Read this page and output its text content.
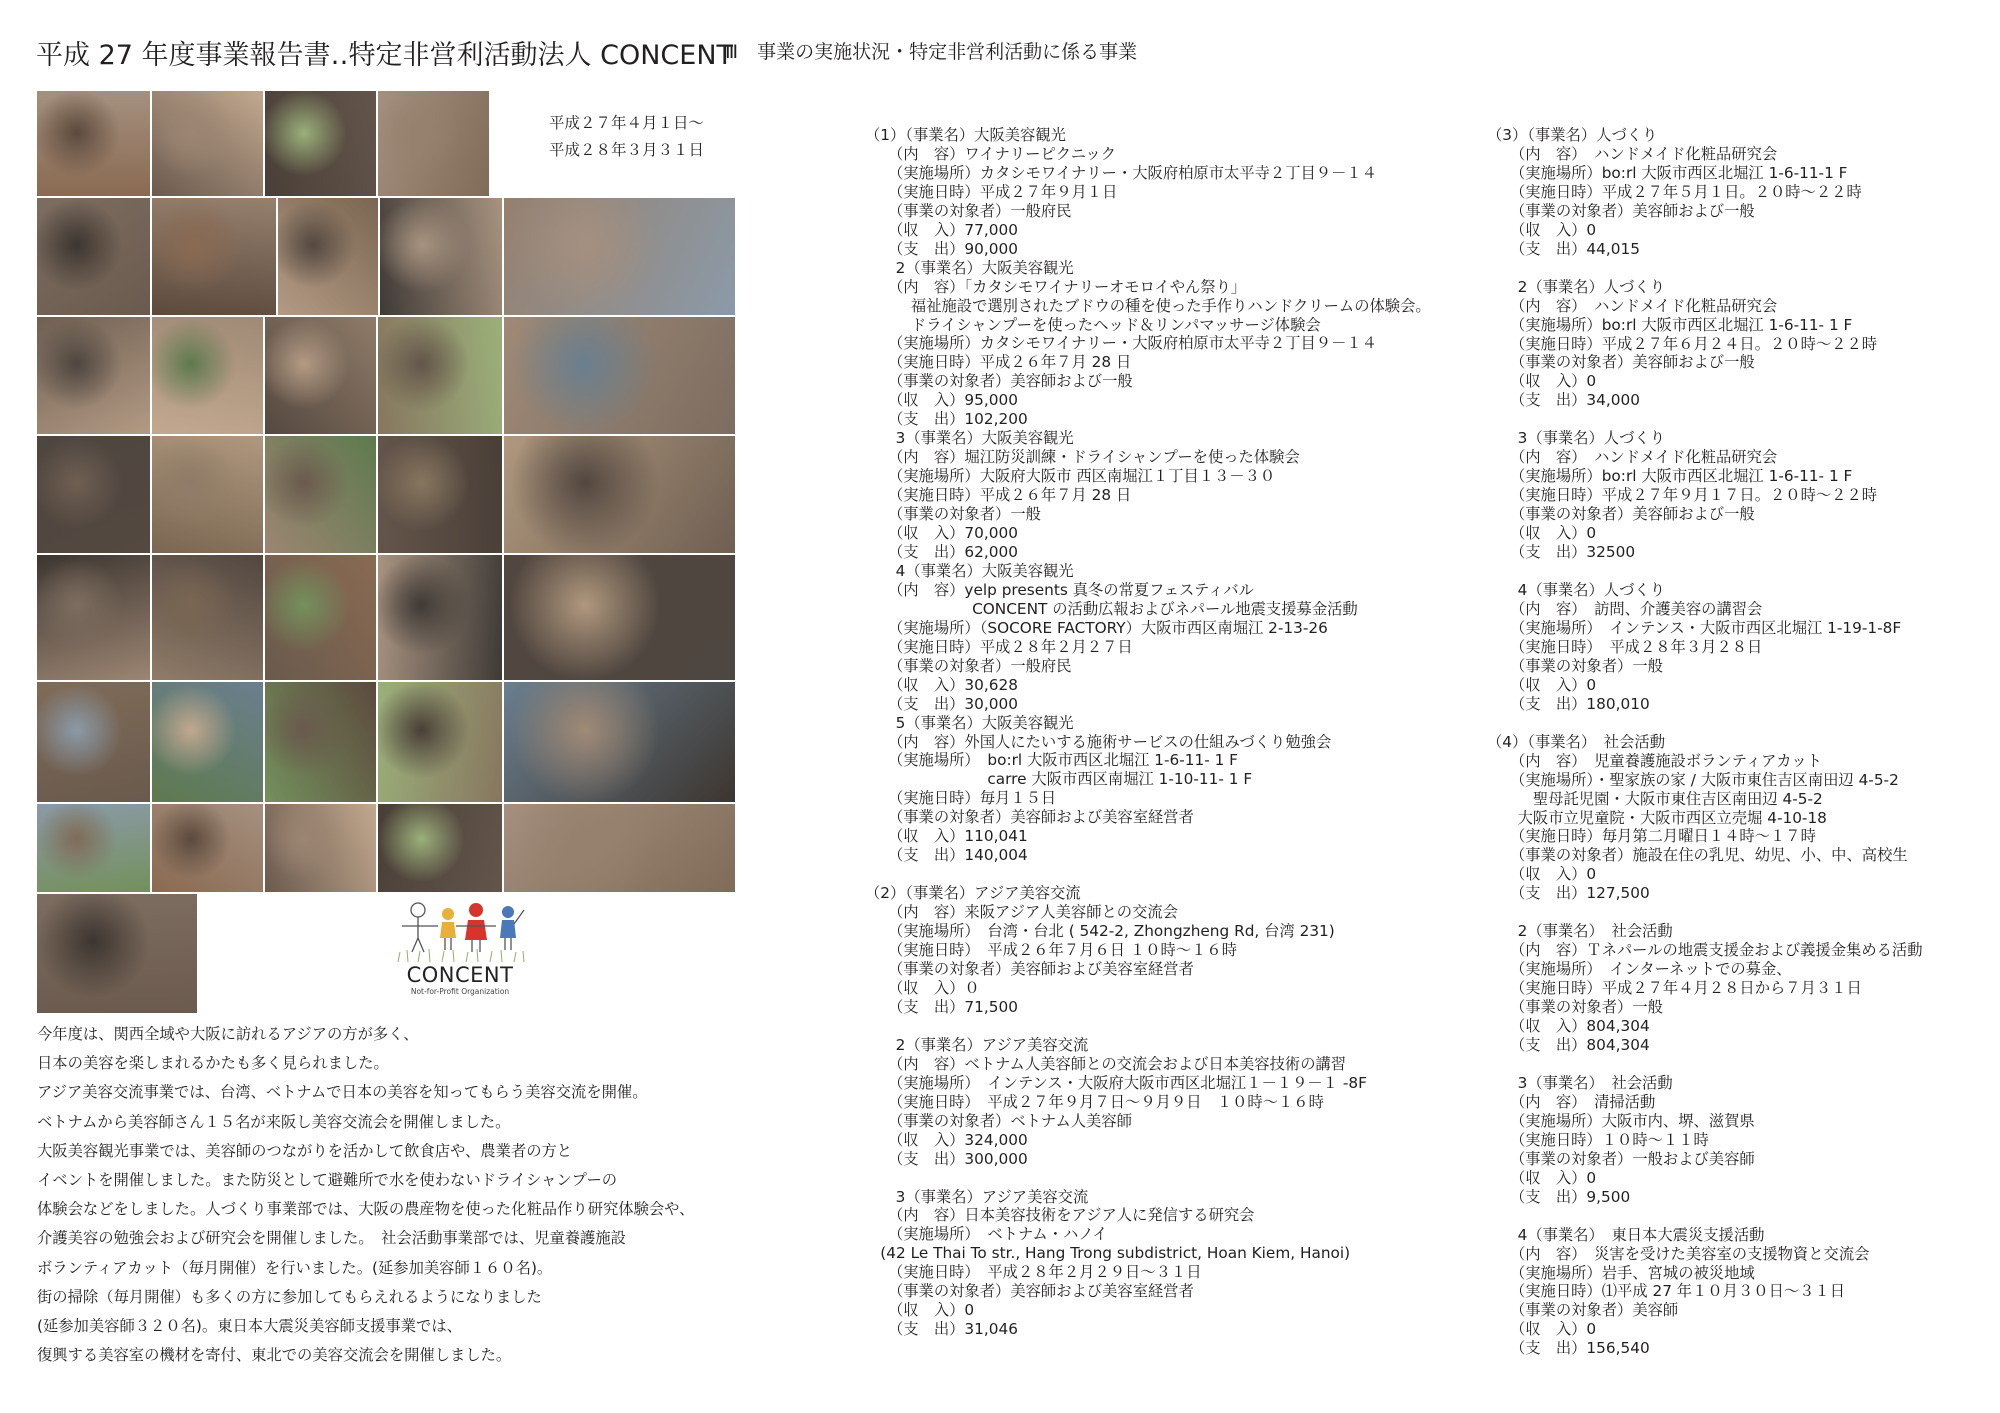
平成 27 年度事業報告書‥特定非営利活動法人 CONCENT
Ⅲ　事業の実施状況・特定非営利活動に係る事業
平成２７年４月１日〜
平成２８年３月３１日
CONCENT
Not-for-Profit Organization
今年度は、関西全域や大阪に訪れるアジアの方が多く、
日本の美容を楽しまれるかたも多く見られました。
アジア美容交流事業では、台湾、ベトナムで日本の美容を知ってもらう美容交流を開催。
ベトナムから美容師さん１５名が来阪し美容交流会を開催しました。
大阪美容観光事業では、美容師のつながりを活かして飲食店や、農業者の方と
イベントを開催しました。また防災として避難所で水を使わないドライシャンプーの
体験会などをしました。人づくり事業部では、大阪の農産物を使った化粧品作り研究体験会や、
介護美容の勉強会および研究会を開催しました。　社会活動事業部では、児童養護施設
ボランティアカット（毎月開催）を行いました。(延参加美容師１６０名)。
街の掃除（毎月開催）も多くの方に参加してもらえれるようになりました
(延参加美容師３２０名)。東日本大震災美容師支援事業では、
復興する美容室の機材を寄付、東北での美容交流会を開催しました。
（1）（事業名）大阪美容観光
　　（内　容）ワイナリーピクニック
　　（実施場所）カタシモワイナリー・大阪府柏原市太平寺２丁目９－１４
　　（実施日時）平成２７年９月１日
　　（事業の対象者）一般府民
　　（収　入）77,000
　　（支　出）90,000
　　2（事業名）大阪美容観光
　　（内　容）「カタシモワイナリーオモロイやん祭り」
　　　福祉施設で選別されたブドウの種を使った手作りハンドクリームの体験会。
　　　ドライシャンプーを使ったヘッド＆リンパマッサージ体験会
　　（実施場所）カタシモワイナリー・大阪府柏原市太平寺２丁目９－１４
　　（実施日時）平成２６年７月 28 日
　　（事業の対象者）美容師および一般
　　（収　入）95,000
　　（支　出）102,200
　　3（事業名）大阪美容観光
　　（内　容）堀江防災訓練・ドライシャンプーを使った体験会
　　（実施場所）大阪府大阪市 西区南堀江１丁目１３－３０
　　（実施日時）平成２６年７月 28 日
　　（事業の対象者）一般
　　（収　入）70,000
　　（支　出）62,000
　　4（事業名）大阪美容観光
　　（内　容）yelp presents 真冬の常夏フェスティバル
　　　　　　　CONCENT の活動広報およびネパール地震支援募金活動
　　（実施場所）（SOCORE FACTORY）大阪市西区南堀江 2-13-26
　　（実施日時）平成２８年２月２７日
　　（事業の対象者）一般府民
　　（収　入）30,628
　　（支　出）30,000
　　5（事業名）大阪美容観光
　　（内　容）外国人にたいする施術サービスの仕組みづくり勉強会
　　（実施場所）　bo:rl 大阪市西区北堀江 1-6-11- 1 F
　　　　　　　　carre 大阪市西区南堀江 1-10-11- 1 F
　　（実施日時）毎月１５日
　　（事業の対象者）美容師および美容室経営者
　　（収　入）110,041
　　（支　出）140,004
（2）（事業名）アジア美容交流
　　（内　容）来阪アジア人美容師との交流会
　　（実施場所）　台湾・台北 ( 542-2, Zhongzheng Rd, 台湾 231)
　　（実施日時）　平成２６年７月６日 １０時〜１６時
　　（事業の対象者）美容師および美容室経営者
　　（収　入）０
　　（支　出）71,500
　　2（事業名）アジア美容交流
　　（内　容）ベトナム人美容師との交流会および日本美容技術の講習
　　（実施場所）　インテンス・大阪府大阪市西区北堀江１－１９－１ -8F
　　（実施日時）　平成２７年９月７日〜９月９日　１０時〜１６時
　　（事業の対象者）ベトナム人美容師
　　（収　入）324,000
　　（支　出）300,000
　　3（事業名）アジア美容交流
　　（内　容）日本美容技術をアジア人に発信する研究会
　　（実施場所）　ベトナム・ハノイ
　(42 Le Thai To str., Hang Trong subdistrict, Hoan Kiem, Hanoi)
　　（実施日時）　平成２８年２月２９日〜３１日
　　（事業の対象者）美容師および美容室経営者
　　（収　入）0
　　（支　出）31,046
（3）（事業名）人づくり
　　（内　容）　ハンドメイド化粧品研究会
　　（実施場所）bo:rl 大阪市西区北堀江 1-6-11-1 F
　　（実施日時）平成２７年５月１日。２０時〜２２時
　　（事業の対象者）美容師および一般
　　（収　入）0
　　（支　出）44,015
　　2（事業名）人づくり
　　（内　容）　ハンドメイド化粧品研究会
　　（実施場所）bo:rl 大阪市西区北堀江 1-6-11- 1 F
　　（実施日時）平成２７年６月２４日。２０時〜２２時
　　（事業の対象者）美容師および一般
　　（収　入）0
　　（支　出）34,000
　　3（事業名）人づくり
　　（内　容）　ハンドメイド化粧品研究会
　　（実施場所）bo:rl 大阪市西区北堀江 1-6-11- 1 F
　　（実施日時）平成２７年９月１７日。２０時〜２２時
　　（事業の対象者）美容師および一般
　　（収　入）0
　　（支　出）32500
　　4（事業名）人づくり
　　（内　容）　訪問、介護美容の講習会
　　（実施場所）　インテンス・大阪市西区北堀江 1-19-1-8F
　　（実施日時）　平成２８年３月２８日
　　（事業の対象者）一般
　　（収　入）0
　　（支　出）180,010
（4）（事業名）　社会活動
　　（内　容）　児童養護施設ボランティアカット
　　（実施場所）・聖家族の家 / 大阪市東住吉区南田辺 4-5-2
　　　聖母託児園・大阪市東住吉区南田辺 4-5-2
　　大阪市立児童院・大阪市西区立売堀 4-10-18
　　（実施日時）毎月第二月曜日１４時〜１７時
　　（事業の対象者）施設在住の乳児、幼児、小、中、高校生
　　（収　入）0
　　（支　出）127,500
　　2（事業名）　社会活動
　　（内　容）Ｔネパールの地震支援金および義援金集める活動
　　（実施場所）　インターネットでの募金、
　　（実施日時）平成２７年４月２８日から７月３１日
　　（事業の対象者）一般
　　（収　入）804,304
　　（支　出）804,304
　　3（事業名）　社会活動
　　（内　容）　清掃活動
　　（実施場所）大阪市内、堺、滋賀県
　　（実施日時）１０時〜１１時
　　（事業の対象者）一般および美容師
　　（収　入）0
　　（支　出）9,500
　　4（事業名）　東日本大震災支援活動
　　（内　容）　災害を受けた美容室の支援物資と交流会
　　（実施場所）岩手、宮城の被災地域
　　（実施日時）⑴平成 27 年１０月３０日〜３１日
　　（事業の対象者）美容師
　　（収　入）0
　　（支　出）156,540
